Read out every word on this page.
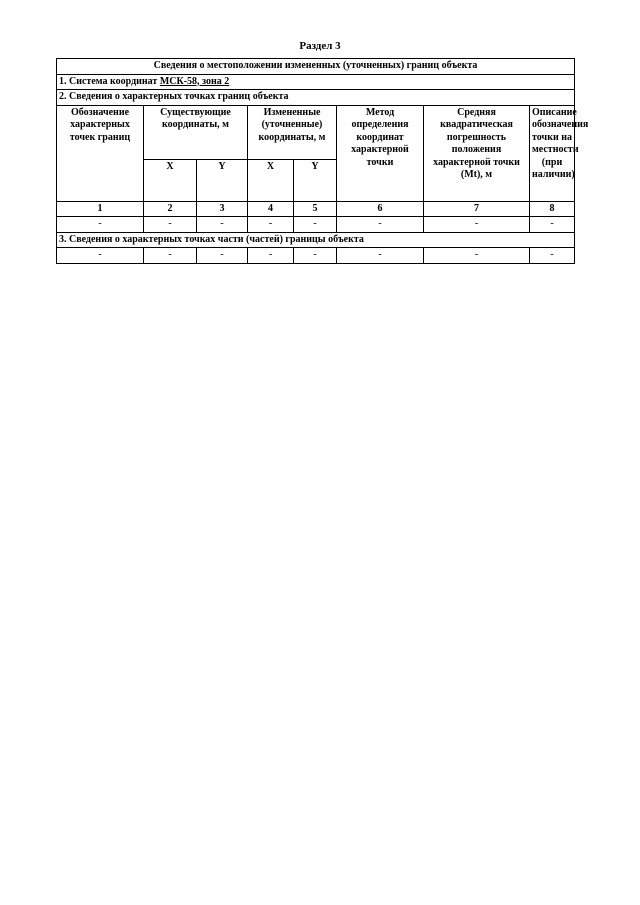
Раздел 3
Сведения о местоположении измененных (уточненных) границ объекта							
1. Система координат МСК-58, зона 2							
2. Сведения о характерных точках границ объекта							
Обозначение характерных точек границ	Существующие координаты, м		Измененные (уточненные) координаты, м		Метод определения координат характерной точки	Средняя квадратическая погрешность положения характерной точки (Mt), м	Описание обозначения точки на местности (при наличии)
	X	Y	X	Y			
1	2	3	4	5	6	7	8
-	-	-	-	-	-	-	-
3. Сведения о характерных точках части (частей) границы объекта							
-	-	-	-	-	-	-	-
